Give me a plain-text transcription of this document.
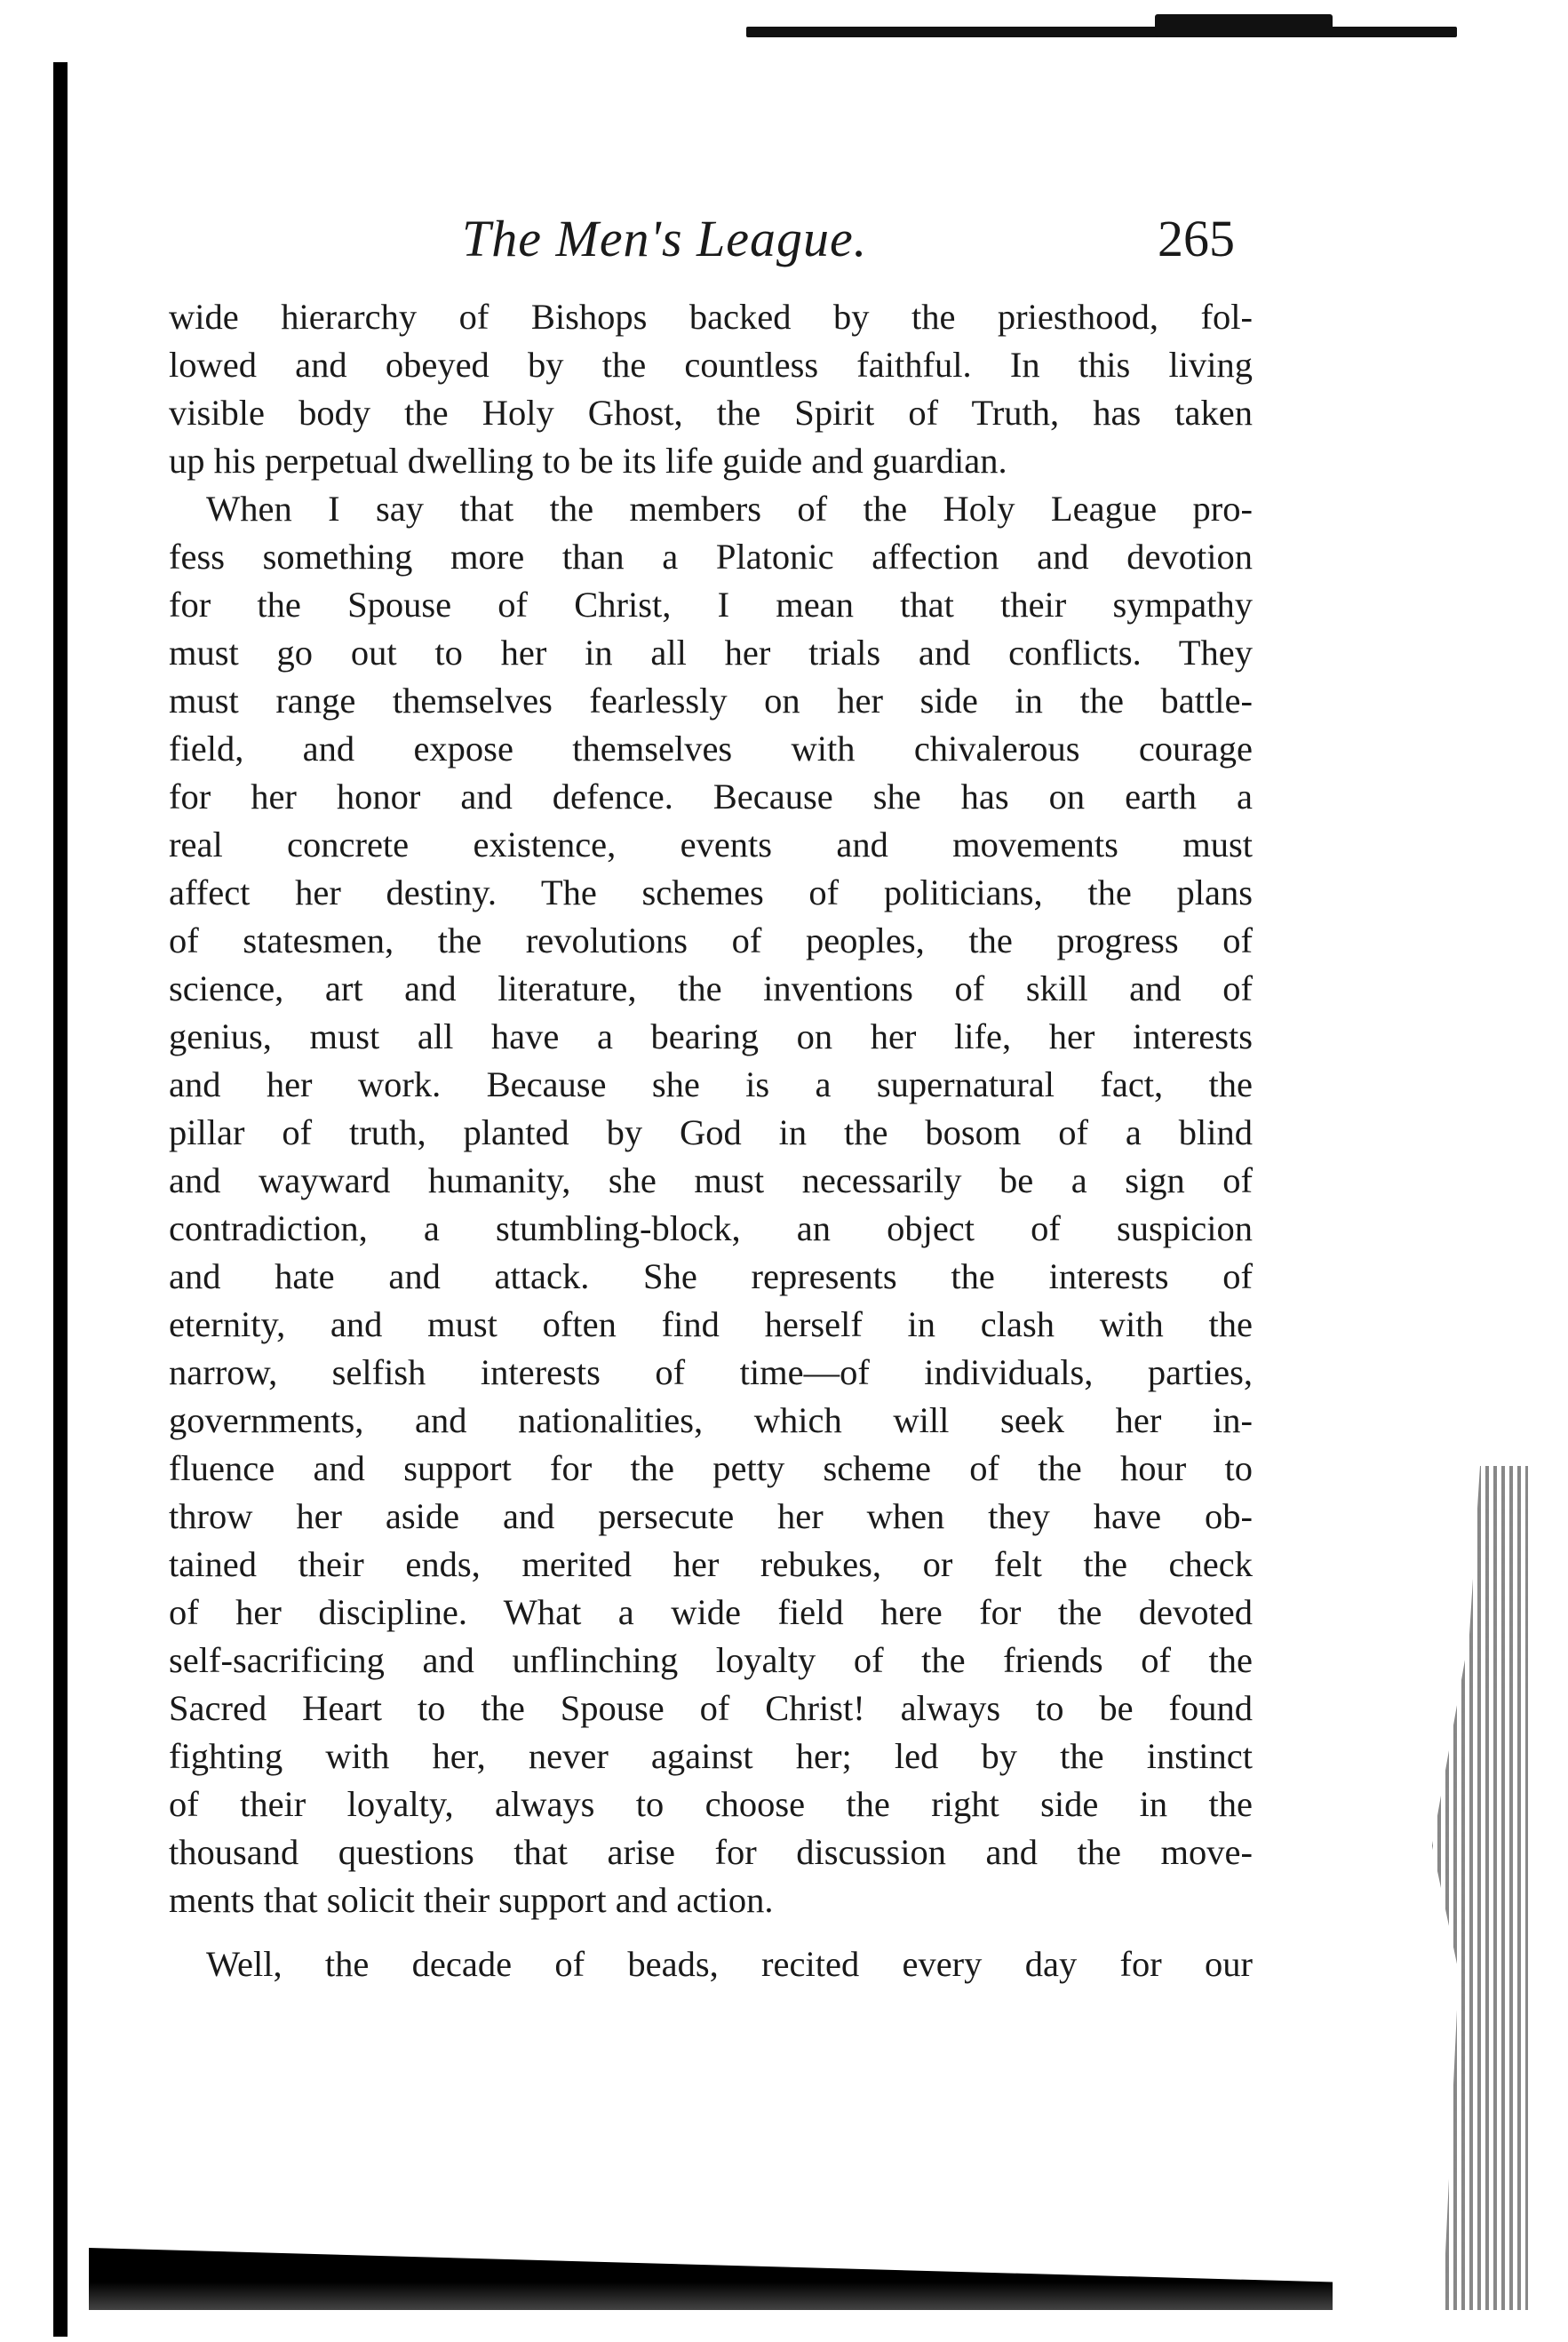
The Men's League.	265
wide hierarchy of Bishops backed by the priesthood, fol-
lowed and obeyed by the countless faithful. In this living
visible body the Holy Ghost, the Spirit of Truth, has taken
up his perpetual dwelling to be its life guide and guardian.
When I say that the members of the Holy League pro-
fess something more than a Platonic affection and devotion
for the Spouse of Christ, I mean that their sympathy
must go out to her in all her trials and conflicts. They
must range themselves fearlessly on her side in the battle-
field, and expose themselves with chivalerous courage
for her honor and defence. Because she has on earth a
real concrete existence, events and movements must
affect her destiny. The schemes of politicians, the plans
of statesmen, the revolutions of peoples, the progress of
science, art and literature, the inventions of skill and of
genius, must all have a bearing on her life, her interests
and her work. Because she is a supernatural fact, the
pillar of truth, planted by God in the bosom of a blind
and wayward humanity, she must necessarily be a sign of
contradiction, a stumbling-block, an object of suspicion
and hate and attack. She represents the interests of
eternity, and must often find herself in clash with the
narrow, selfish interests of time—of individuals, parties,
governments, and nationalities, which will seek her in-
fluence and support for the petty scheme of the hour to
throw her aside and persecute her when they have ob-
tained their ends, merited her rebukes, or felt the check
of her discipline. What a wide field here for the devoted
self-sacrificing and unflinching loyalty of the friends of the
Sacred Heart to the Spouse of Christ! always to be found
fighting with her, never against her; led by the instinct
of their loyalty, always to choose the right side in the
thousand questions that arise for discussion and the move-
ments that solicit their support and action.
Well, the decade of beads, recited every day for our
